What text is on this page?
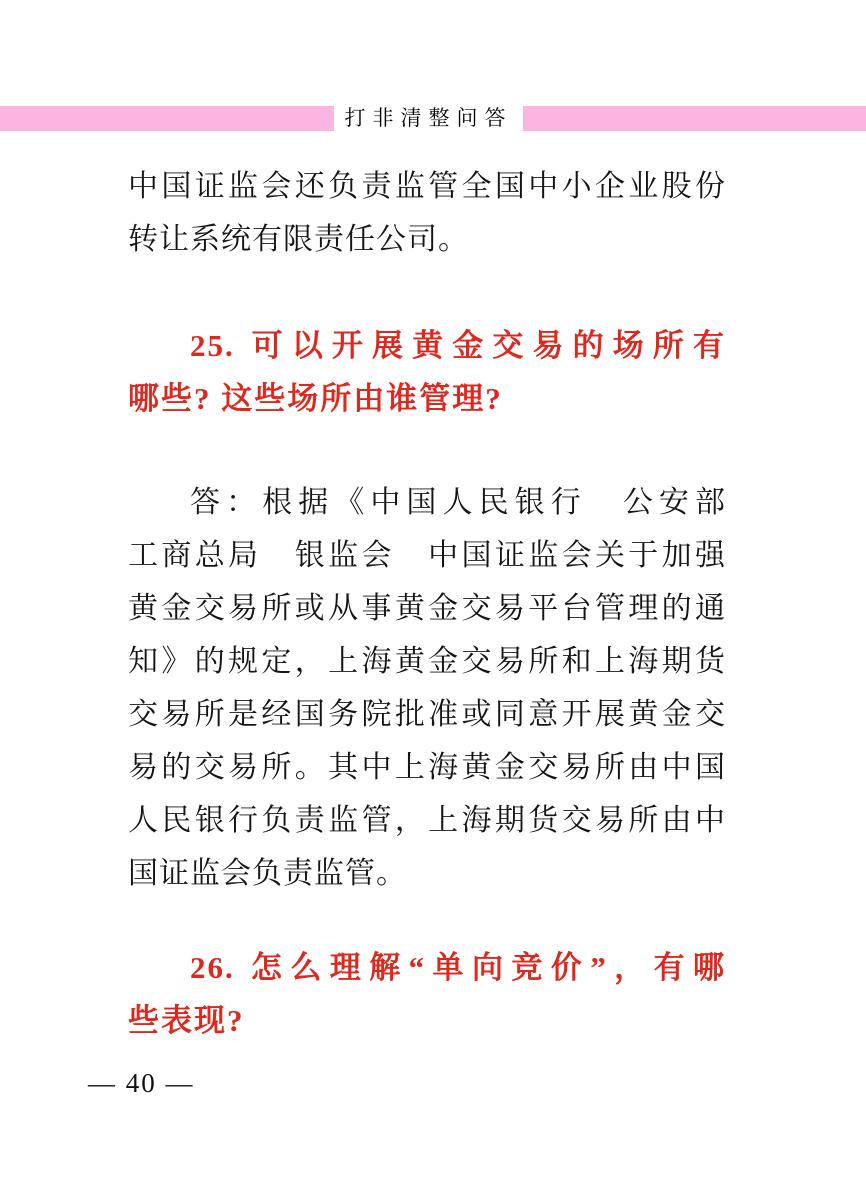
打非清整问答
中国证监会还负责监管全国中小企业股份
转让系统有限责任公司。
25. 可以开展黄金交易的场所有
哪些? 这些场所由谁管理?
答：根据《中国人民银行　公安部
工商总局　银监会　中国证监会关于加强
黄金交易所或从事黄金交易平台管理的通
知》的规定，上海黄金交易所和上海期货
交易所是经国务院批准或同意开展黄金交
易的交易所。其中上海黄金交易所由中国
人民银行负责监管，上海期货交易所由中
国证监会负责监管。
26. 怎么理解“单向竞价”，有哪
些表现?
— 40 —
